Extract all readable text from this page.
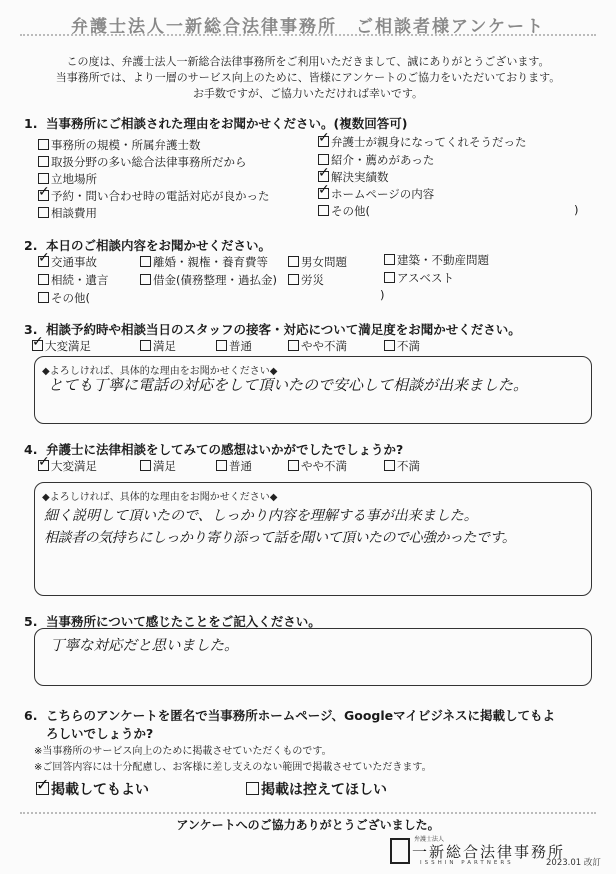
弁護士法人一新総合法律事務所　ご相談者様アンケート
この度は、弁護士法人一新総合法律事務所をご利用いただきまして、誠にありがとうございます。
当事務所では、より一層のサービス向上のために、皆様にアンケートのご協力をいただいております。
お手数ですが、ご協力いただければ幸いです。
1. 当事務所にご相談された理由をお聞かせください。(複数回答可)
事務所の規模・所属弁護士数
取扱分野の多い総合法律事務所だから
立地場所
✓ 予約・問い合わせ時の電話対応が良かった
相談費用
✓ 弁護士が親身になってくれそうだった
紹介・薦めがあった
✓ 解決実績数
✓ ホームページの内容
その他(	)
2. 本日のご相談内容をお聞かせください。
✓ 交通事故	離婚・親権・養育費等	男女問題	建築・不動産問題
相続・遺言	借金(債務整理・過払金)	労災	アスベスト
その他(	)
3. 相談予約時や相談当日のスタッフの接客・対応について満足度をお聞かせください。
✓ 大変満足	満足	普通	やや不満	不満
◆よろしければ、具体的な理由をお聞かせください◆
とても丁寧に電話の対応をして頂いたので安心して相談が出来ました。
4. 弁護士に法律相談をしてみての感想はいかがでしたでしょうか?
✓ 大変満足	満足	普通	やや不満	不満
◆よろしければ、具体的な理由をお聞かせください◆
細く説明して頂いたので、しっかり内容を理解する事が出来ました。
相談者の気持ちにしっかり寄り添って話を聞いて頂いたので心強かったです。
5. 当事務所について感じたことをご記入ください。
丁寧な対応だと思いました。
6. こちらのアンケートを匿名で当事務所ホームページ、Googleマイビジネスに掲載してもよ
ろしいでしょうか?
※当事務所のサービス向上のために掲載させていただくものです。
※ご回答内容には十分配慮し、お客様に差し支えのない範囲で掲載させていただきます。
✓ 掲載してもよい	掲載は控えてほしい
アンケートへのご協力ありがとうございました。
弁護士法人
一新総合法律事務所
ISSHIN PARTNERS	2023.01 改訂
